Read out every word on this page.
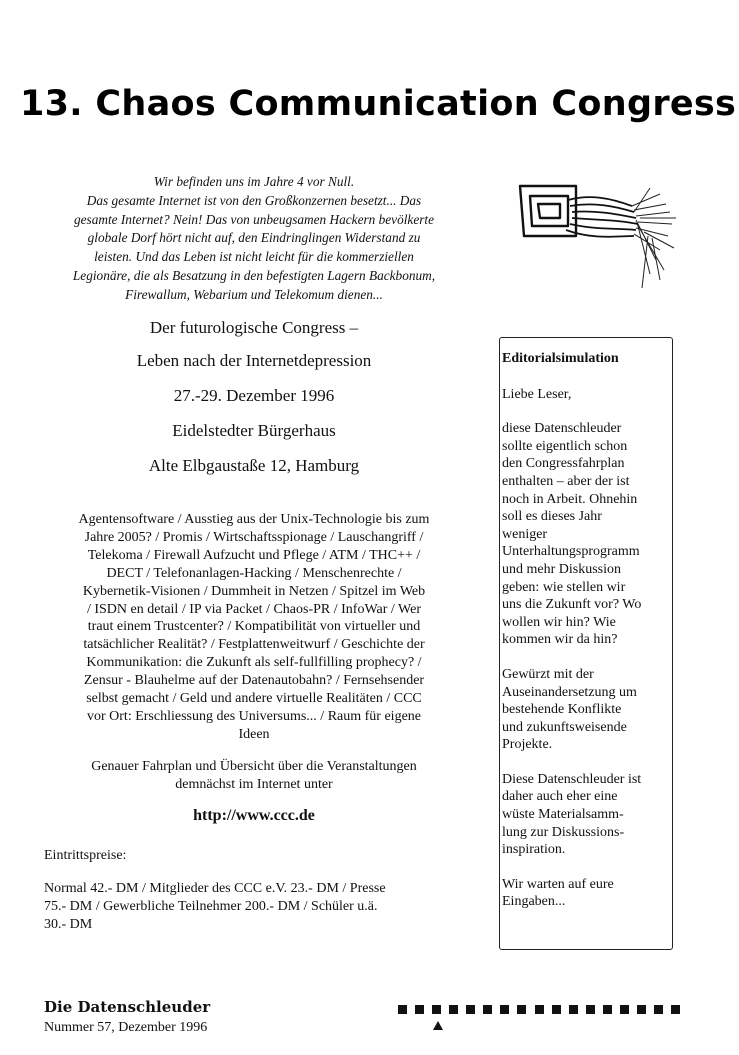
13. Chaos Communication Congress
Wir befinden uns im Jahre 4 vor Null.
Das gesamte Internet ist von den Großkonzernen besetzt... Das
gesamte Internet? Nein! Das von unbeugsamen Hackern bevölkerte
globale Dorf hört nicht auf, den Eindringlingen Widerstand zu
leisten. Und das Leben ist nicht leicht für die kommerziellen
Legionäre, die als Besatzung in den befestigten Lagern Backbonum,
Firewallum, Webarium und Telekomum dienen...
Der futurologische Congress –
Leben nach der Internetdepression
27.-29. Dezember 1996
Eidelstedter Bürgerhaus
Alte Elbgaustaße 12, Hamburg
Agentensoftware / Ausstieg aus der Unix-Technologie bis zum
Jahre 2005? / Promis / Wirtschaftsspionage / Lauschangriff /
Telekoma / Firewall Aufzucht und Pflege / ATM / THC++ /
DECT / Telefonanlagen-Hacking / Menschenrechte /
Kybernetik-Visionen / Dummheit in Netzen / Spitzel im Web
/ ISDN en detail / IP via Packet / Chaos-PR / InfoWar / Wer
traut einem Trustcenter? / Kompatibilität von virtueller und
tatsächlicher Realität? / Festplattenweitwurf / Geschichte der
Kommunikation: die Zukunft als self-fullfilling prophecy? /
Zensur - Blauhelme auf der Datenautobahn? / Fernsehsender
selbst gemacht / Geld und andere virtuelle Realitäten / CCC
vor Ort: Erschliessung des Universums... / Raum für eigene
Ideen
Genauer Fahrplan und Übersicht über die Veranstaltungen
demnächst im Internet unter
http://www.ccc.de
Eintrittspreise:
Normal 42.- DM / Mitglieder des CCC e.V. 23.- DM / Presse
75.- DM / Gewerbliche Teilnehmer 200.- DM / Schüler u.ä.
30.- DM
Editorialsimulation

Liebe Leser,

diese Datenschleuder
sollte eigentlich schon
den Congressfahrplan
enthalten – aber der ist
noch in Arbeit. Ohnehin
soll es dieses Jahr
weniger
Unterhaltungsprogramm
und mehr Diskussion
geben: wie stellen wir
uns die Zukunft vor? Wo
wollen wir hin? Wie
kommen wir da hin?

Gewürzt mit der
Auseinandersetzung um
bestehende Konflikte
und zukunftsweisende
Projekte.

Diese Datenschleuder ist
daher auch eher eine
wüste Materialsamm-
lung zur Diskussions-
inspiration.

Wir warten auf eure
Eingaben...

Die Datenschleuder
Nummer 57, Dezember 1996
